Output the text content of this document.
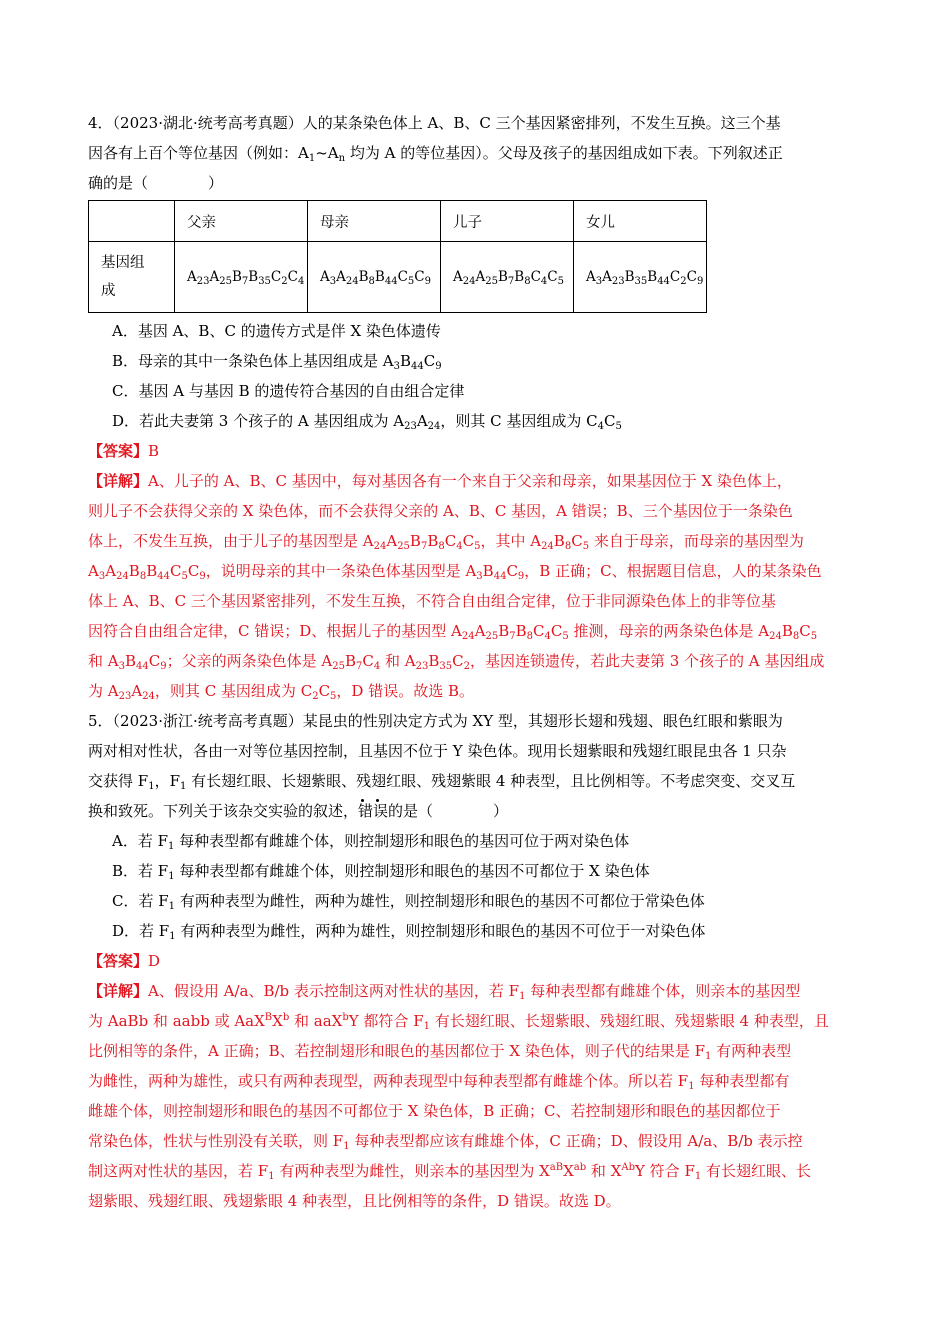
4．（2023·湖北·统考高考真题）人的某条染色体上 A、B、C 三个基因紧密排列，不发生互换。这三个基

因各有上百个等位基因（例如：$A_1\sim A_n$ 均为 A 的等位基因）。父母及孩子的基因组成如下表。下列叙述正

确的是（　　　　）

	父亲	母亲	儿子	女儿
基因组
成	$A_{23}A_{25}B_7B_{35}C_2C_4$	$A_3A_{24}B_8B_{44}C_5C_9$	$A_{24}A_{25}B_7B_8C_4C_5$	$A_3A_{23}B_{35}B_{44}C_2C_9$

A．基因 A、B、C 的遗传方式是伴 X 染色体遗传

B．母亲的其中一条染色体上基因组成是 $A_3B_{44}C_9$

C．基因 A 与基因 B 的遗传符合基因的自由组合定律

D．若此夫妻第 3 个孩子的 A 基因组成为 $A_{23}A_{24}$，则其 C 基因组成为 $C_4C_5$

【答案】B

【详解】A、儿子的 A、B、C 基因中，每对基因各有一个来自于父亲和母亲，如果基因位于 X 染色体上，

则儿子不会获得父亲的 X 染色体，而不会获得父亲的 A、B、C 基因，A 错误；B、三个基因位于一条染色

体上，不发生互换，由于儿子的基因型是 $A_{24}A_{25}B_7B_8C_4C_5$，其中 $A_{24}B_8C_5$ 来自于母亲，而母亲的基因型为

$A_3A_{24}B_8B_{44}C_5C_9$，说明母亲的其中一条染色体基因型是 $A_3B_{44}C_9$，B 正确；C、根据题目信息，人的某条染色

体上 A、B、C 三个基因紧密排列，不发生互换，不符合自由组合定律，位于非同源染色体上的非等位基

因符合自由组合定律，C 错误；D、根据儿子的基因型 $A_{24}A_{25}B_7B_8C_4C_5$ 推测，母亲的两条染色体是 $A_{24}B_8C_5$

和 $A_3B_{44}C_9$；父亲的两条染色体是 $A_{25}B_7C_4$ 和 $A_{23}B_{35}C_2$，基因连锁遗传，若此夫妻第 3 个孩子的 A 基因组成

为 $A_{23}A_{24}$，则其 C 基因组成为 $C_2C_5$，D 错误。故选 B。

5．（2023·浙江·统考高考真题）某昆虫的性别决定方式为 XY 型，其翅形长翅和残翅、眼色红眼和紫眼为

两对相对性状，各由一对等位基因控制，且基因不位于 Y 染色体。现用长翅紫眼和残翅红眼昆虫各 1 只杂

交获得 $F_1$，$F_1$ 有长翅红眼、长翅紫眼、残翅红眼、残翅紫眼 4 种表型，且比例相等。不考虑突变、交叉互

换和致死。下列关于该杂交实验的叙述，错误的是（　　　　）

A．若 $F_1$ 每种表型都有雌雄个体，则控制翅形和眼色的基因可位于两对染色体

B．若 $F_1$ 每种表型都有雌雄个体，则控制翅形和眼色的基因不可都位于 X 染色体

C．若 $F_1$ 有两种表型为雌性，两种为雄性，则控制翅形和眼色的基因不可都位于常染色体

D．若 $F_1$ 有两种表型为雌性，两种为雄性，则控制翅形和眼色的基因不可位于一对染色体

【答案】D

【详解】A、假设用 A/a、B/b 表示控制这两对性状的基因，若 $F_1$ 每种表型都有雌雄个体，则亲本的基因型

为 AaBb 和 aabb 或 $AaX^BX^b$ 和 aaX$^b$Y 都符合 $F_1$ 有长翅红眼、长翅紫眼、残翅红眼、残翅紫眼 4 种表型，且

比例相等的条件，A 正确；B、若控制翅形和眼色的基因都位于 X 染色体，则子代的结果是 $F_1$ 有两种表型

为雌性，两种为雄性，或只有两种表现型，两种表现型中每种表型都有雌雄个体。所以若 $F_1$ 每种表型都有

雌雄个体，则控制翅形和眼色的基因不可都位于 X 染色体，B 正确；C、若控制翅形和眼色的基因都位于

常染色体，性状与性别没有关联，则 $F_1$ 每种表型都应该有雌雄个体，C 正确；D、假设用 A/a、B/b 表示控

制这两对性状的基因，若 $F_1$ 有两种表型为雌性，则亲本的基因型为 $X^{aB}X^{ab}$ 和 $X^{Ab}Y$ 符合 $F_1$ 有长翅红眼、长

翅紫眼、残翅红眼、残翅紫眼 4 种表型，且比例相等的条件，D 错误。故选 D。
